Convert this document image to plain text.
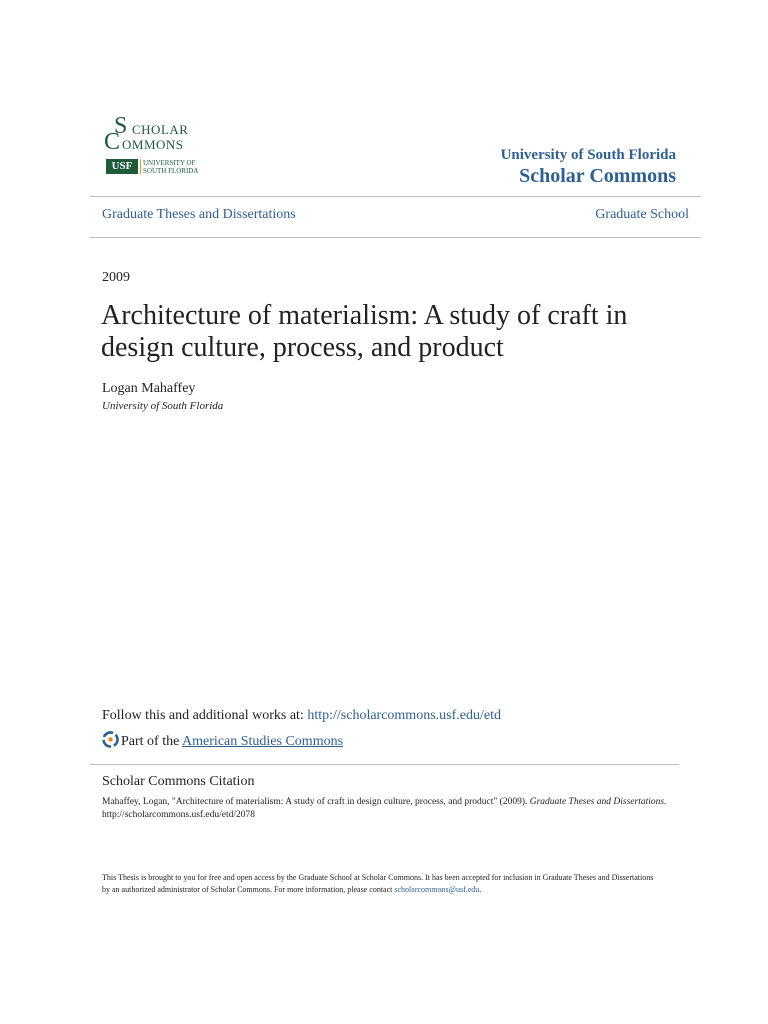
S CHOLAR
C OMMONS
USF	UNIVERSITY OF
SOUTH FLORIDA
University of South Florida
Scholar Commons
Graduate Theses and Dissertations	Graduate School
2009
Architecture of materialism: A study of craft in design culture, process, and product
Logan Mahaffey
University of South Florida
Follow this and additional works at: http://scholarcommons.usf.edu/etd
Part of the American Studies Commons
Scholar Commons Citation
Mahaffey, Logan, "Architecture of materialism: A study of craft in design culture, process, and product" (2009). Graduate Theses and Dissertations.
http://scholarcommons.usf.edu/etd/2078
This Thesis is brought to you for free and open access by the Graduate School at Scholar Commons. It has been accepted for inclusion in Graduate Theses and Dissertations by an authorized administrator of Scholar Commons. For more information, please contact scholarcommons@usf.edu.
